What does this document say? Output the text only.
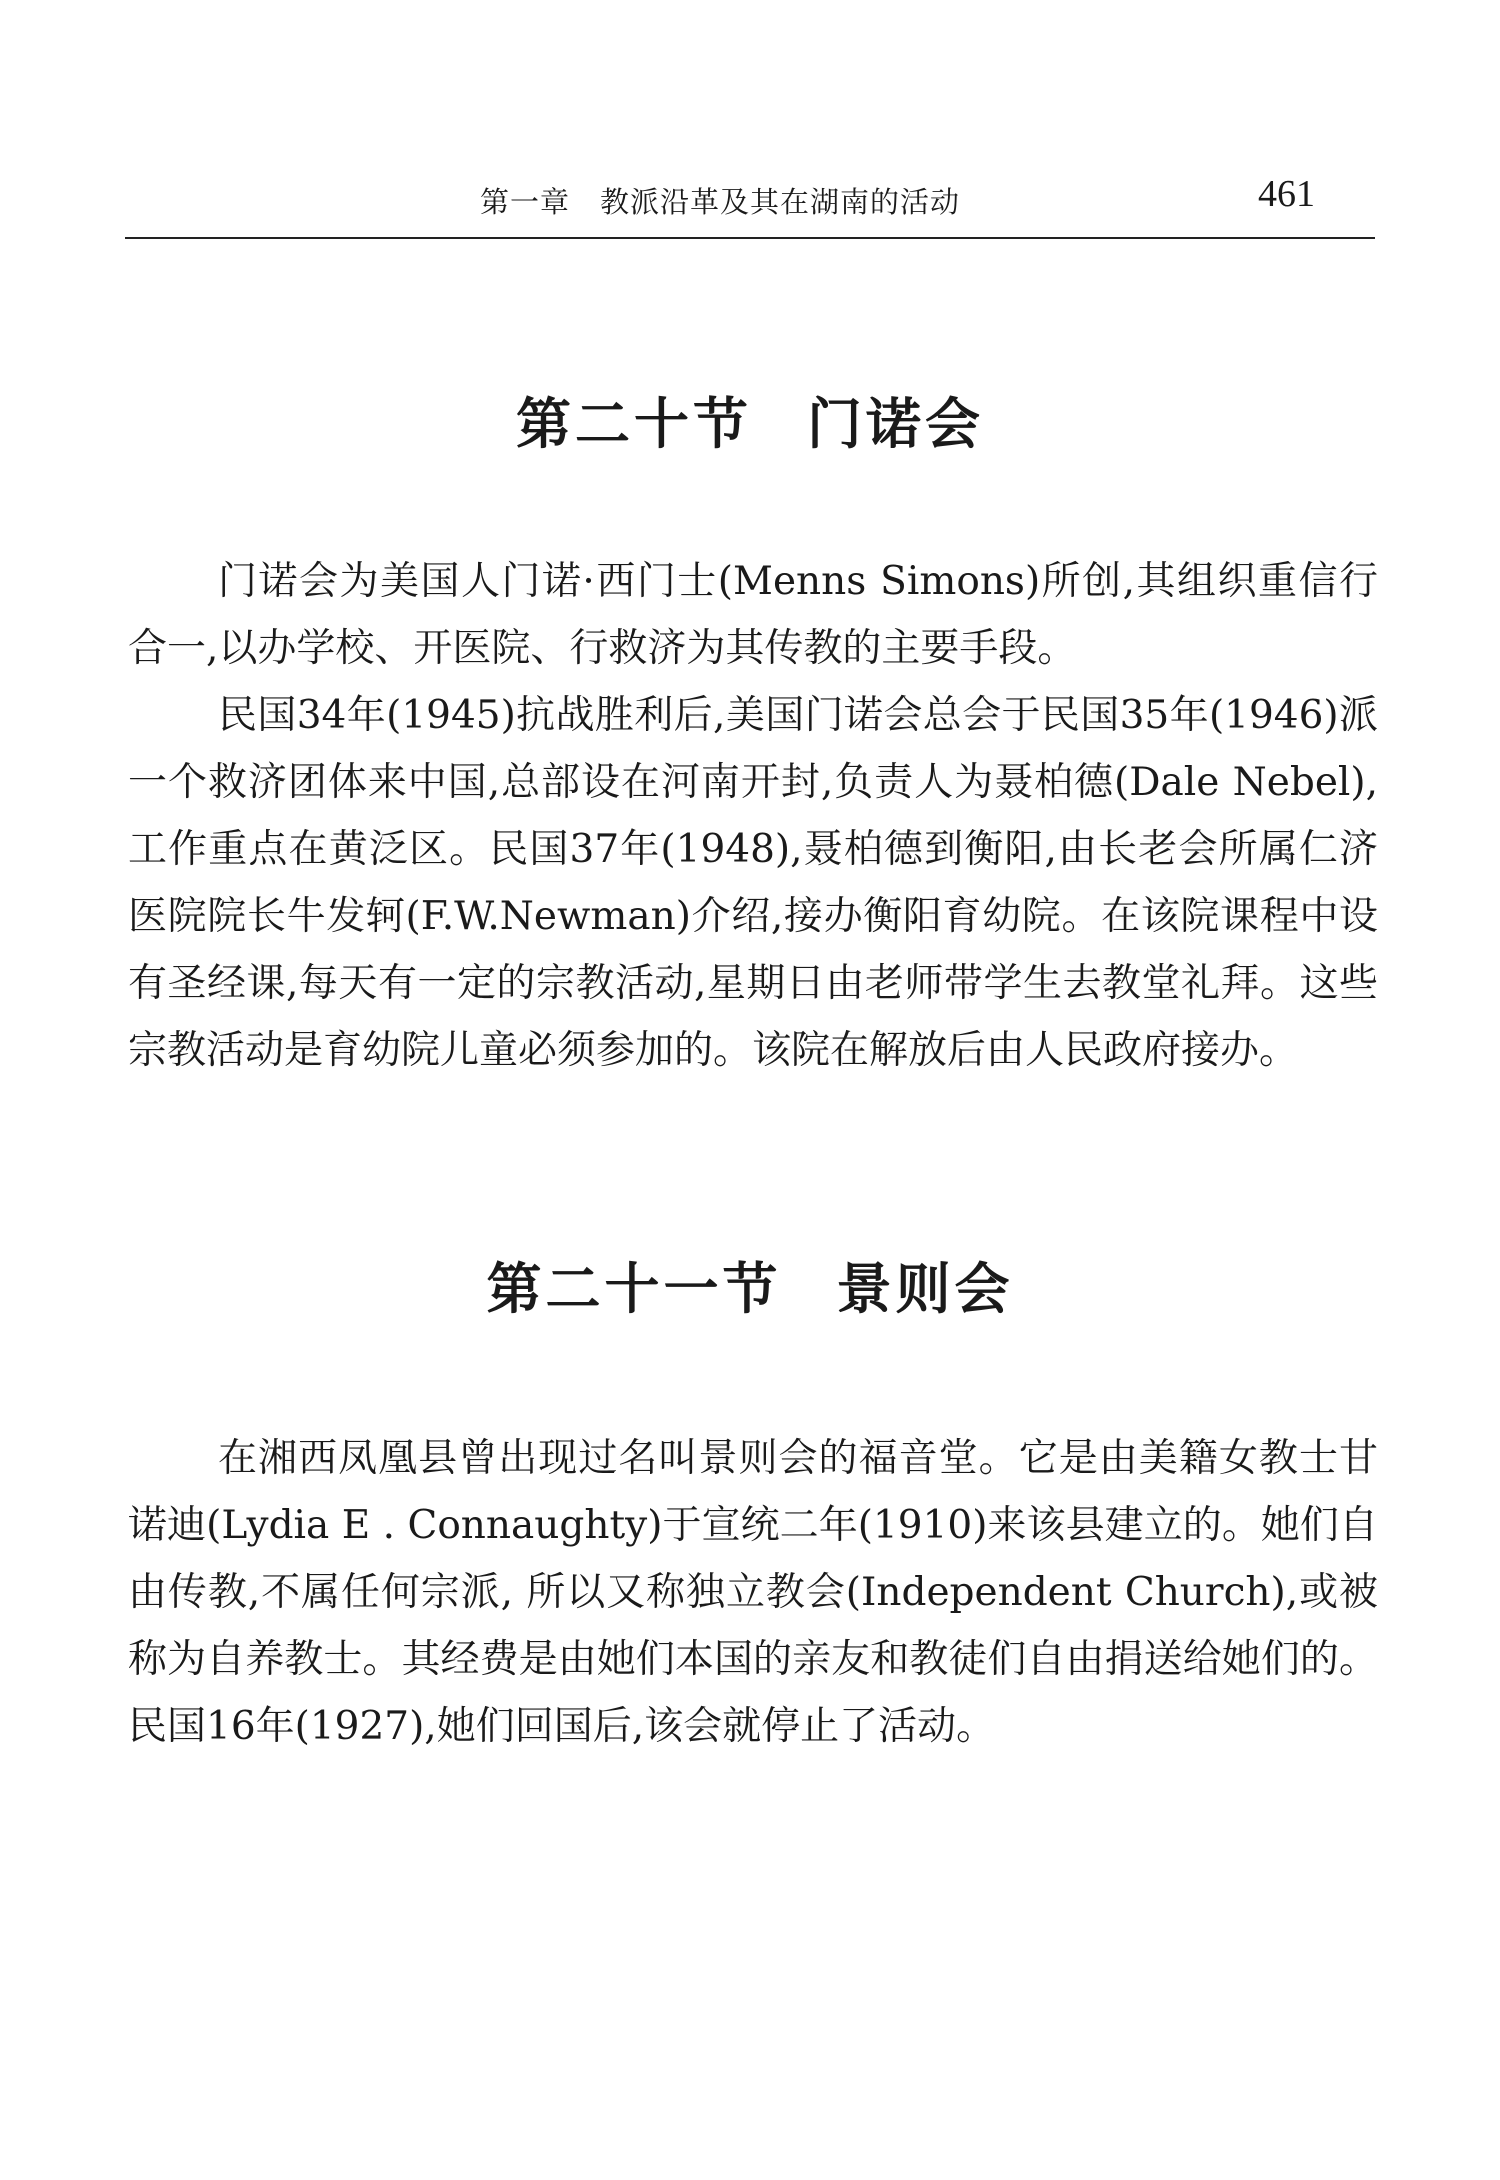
第一章　教派沿革及其在湖南的活动	461
第二十节 门诺会

门诺会为美国人门诺·西门士(Menns Simons)所创,其组织重信行合一,以办学校、开医院、行救济为其传教的主要手段。

民国34年(1945)抗战胜利后,美国门诺会总会于民国35年(1946)派一个救济团体来中国,总部设在河南开封,负责人为聂柏德(Dale Nebel),工作重点在黄泛区。民国37年(1948),聂柏德到衡阳,由长老会所属仁济医院院长牛发轲(F.W.Newman)介绍,接办衡阳育幼院。在该院课程中设有圣经课,每天有一定的宗教活动,星期日由老师带学生去教堂礼拜。这些宗教活动是育幼院儿童必须参加的。该院在解放后由人民政府接办。

第二十一节 景则会

在湘西凤凰县曾出现过名叫景则会的福音堂。它是由美籍女教士甘诺迪(Lydia E . Connaughty)于宣统二年(1910)来该县建立的。她们自由传教,不属任何宗派, 所以又称独立教会(Independent Church),或被称为自养教士。其经费是由她们本国的亲友和教徒们自由捐送给她们的。民国16年(1927),她们回国后,该会就停止了活动。
